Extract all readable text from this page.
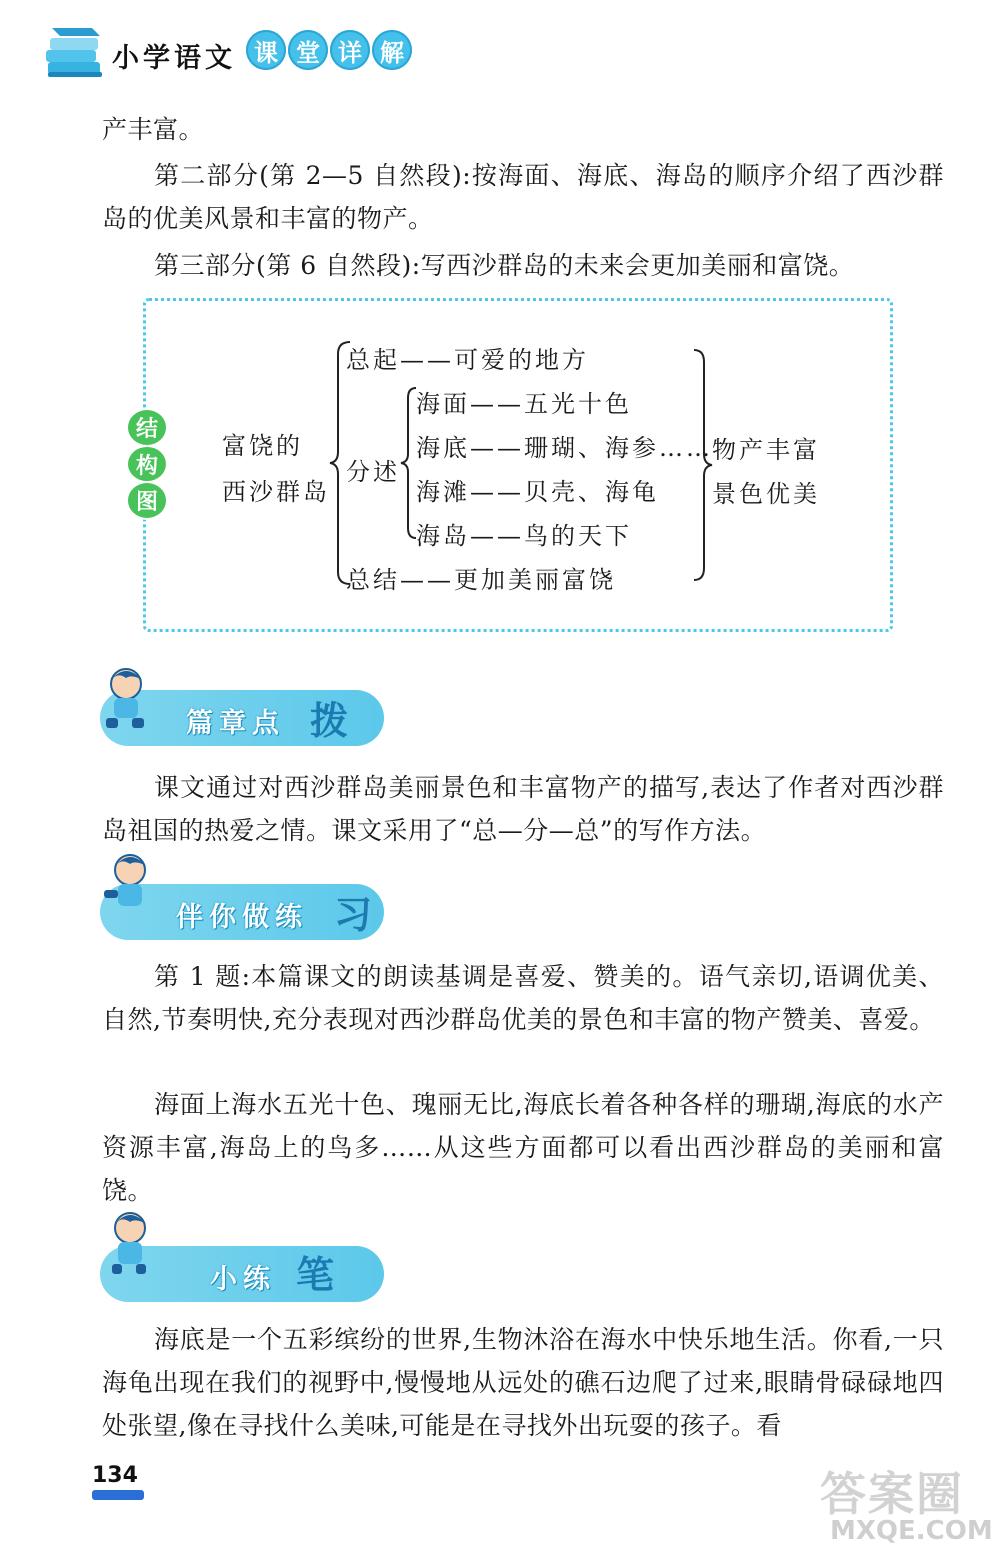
小学语文 课 堂 详 解
产丰富。
第二部分(第 2—5 自然段):按海面、海底、海岛的顺序介绍了西沙群岛的优美风景和丰富的物产。
第三部分(第 6 自然段):写西沙群岛的未来会更加美丽和富饶。
结
构
图
富饶的
西沙群岛
总起——可爱的地方
分述
海面——五光十色
海底——珊瑚、海参……
海滩——贝壳、海龟
海岛——鸟的天下
总结——更加美丽富饶
物产丰富
景色优美
篇章点 拨
课文通过对西沙群岛美丽景色和丰富物产的描写,表达了作者对西沙群岛祖国的热爱之情。课文采用了“总—分—总”的写作方法。
伴你做练 习
第 1 题:本篇课文的朗读基调是喜爱、赞美的。语气亲切,语调优美、自然,节奏明快,充分表现对西沙群岛优美的景色和丰富的物产赞美、喜爱。
海面上海水五光十色、瑰丽无比,海底长着各种各样的珊瑚,海底的水产资源丰富,海岛上的鸟多……从这些方面都可以看出西沙群岛的美丽和富饶。
小练 笔
海底是一个五彩缤纷的世界,生物沐浴在海水中快乐地生活。你看,一只海龟出现在我们的视野中,慢慢地从远处的礁石边爬了过来,眼睛骨碌碌地四处张望,像在寻找什么美味,可能是在寻找外出玩耍的孩子。看
134	答案圈
MXQE.COM
